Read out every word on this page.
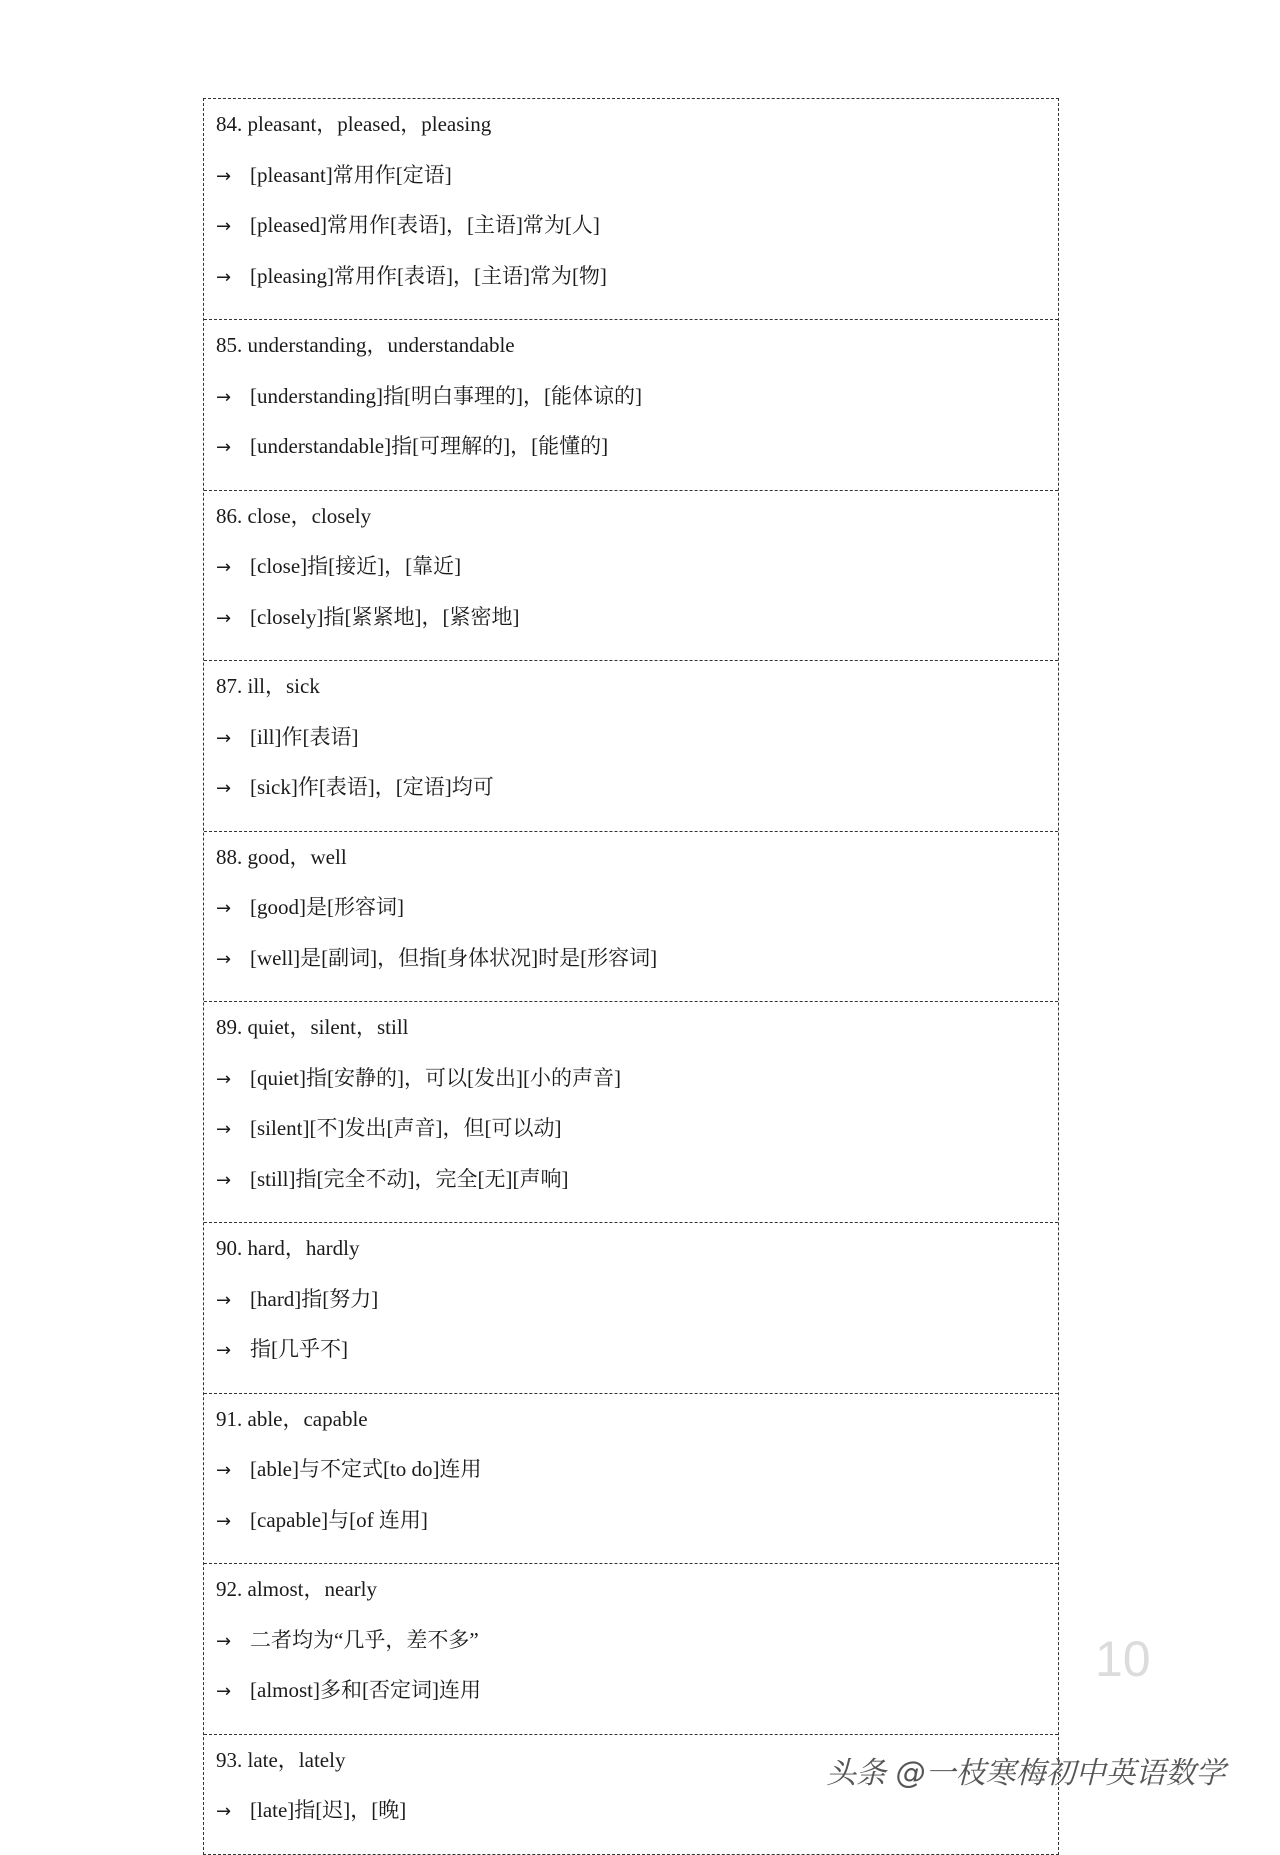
84. pleasant，pleased，pleasing
→ [pleasant]常用作[定语]
→ [pleased]常用作[表语]，[主语]常为[人]
→ [pleasing]常用作[表语]，[主语]常为[物]
85. understanding，understandable
→ [understanding]指[明白事理的]，[能体谅的]
→ [understandable]指[可理解的]，[能懂的]
86. close，closely
→ [close]指[接近]，[靠近]
→ [closely]指[紧紧地]，[紧密地]
87. ill，sick
→ [ill]作[表语]
→ [sick]作[表语]，[定语]均可
88. good，well
→ [good]是[形容词]
→ [well]是[副词]，但指[身体状况]时是[形容词]
89. quiet，silent，still
→ [quiet]指[安静的]，可以[发出][小的声音]
→ [silent][不]发出[声音]，但[可以动]
→ [still]指[完全不动]，完全[无][声响]
90. hard，hardly
→ [hard]指[努力]
→ 指[几乎不]
91. able，capable
→ [able]与不定式[to do]连用
→ [capable]与[of 连用]
92. almost，nearly
→ 二者均为“几乎，差不多”
→ [almost]多和[否定词]连用
93. late，lately
→ [late]指[迟]，[晚]
10
头条 @一枝寒梅初中英语数学
